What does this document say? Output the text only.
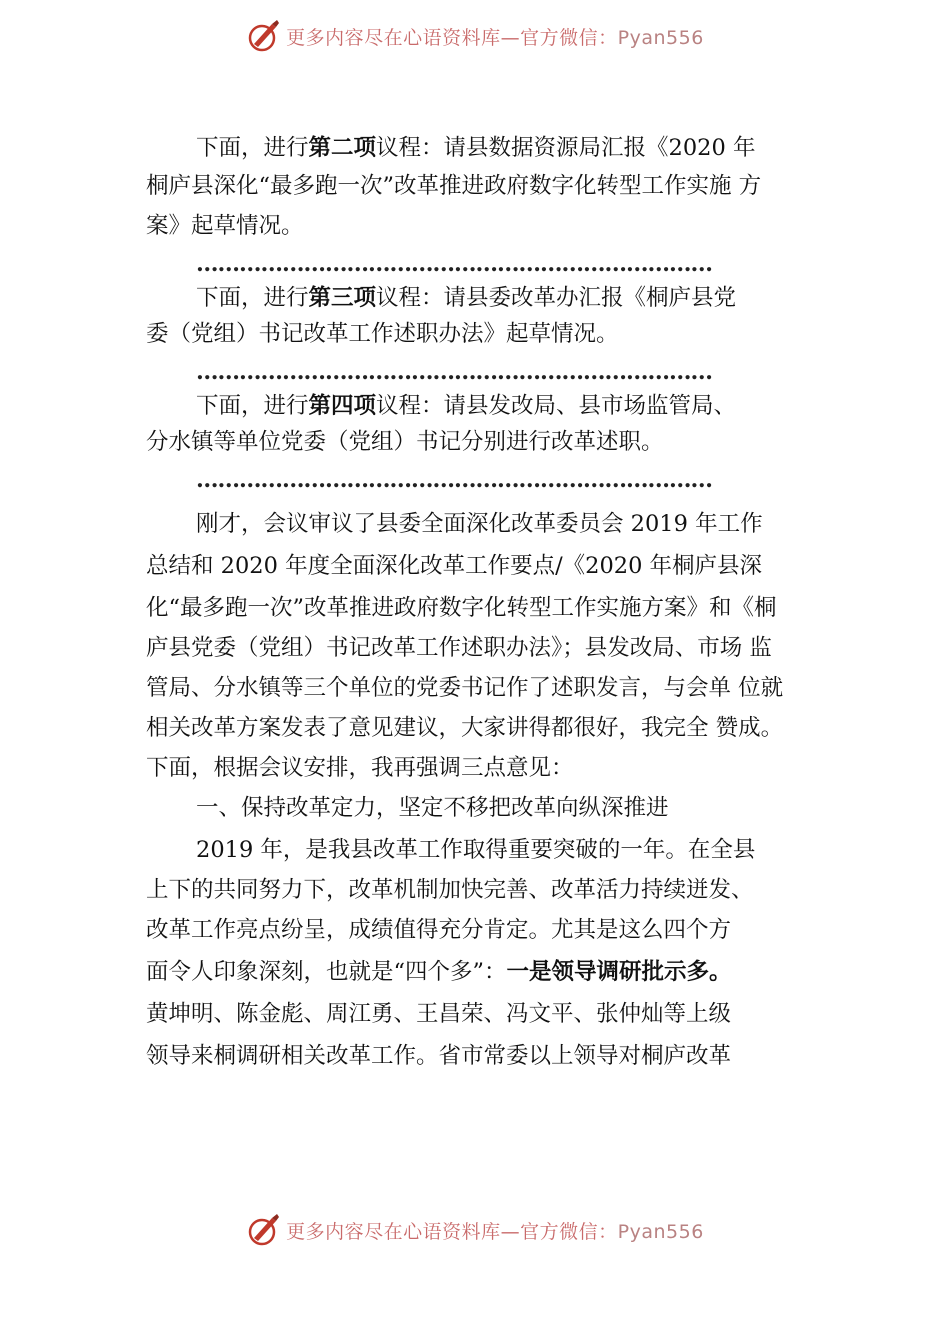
更多内容尽在心语资料库—官方微信：Pyan556
下面，进行第二项议程：请县数据资源局汇报《2020 年
桐庐县深化“最多跑一次”改革推进政府数字化转型工作实施 方
案》起草情况。
………………………………………………………………
下面，进行第三项议程：请县委改革办汇报《桐庐县党
委（党组）书记改革工作述职办法》起草情况。
………………………………………………………………
下面，进行第四项议程：请县发改局、县市场监管局、
分水镇等单位党委（党组）书记分别进行改革述职。
………………………………………………………………
刚才，会议审议了县委全面深化改革委员会 2019 年工作
总结和 2020 年度全面深化改革工作要点/《2020 年桐庐县深
化“最多跑一次”改革推进政府数字化转型工作实施方案》和《桐
庐县党委（党组）书记改革工作述职办法》；县发改局、市场 监
管局、分水镇等三个单位的党委书记作了述职发言，与会单 位就
相关改革方案发表了意见建议，大家讲得都很好，我完全 赞成。
下面，根据会议安排，我再强调三点意见：
一、保持改革定力，坚定不移把改革向纵深推进
2019 年，是我县改革工作取得重要突破的一年。在全县
上下的共同努力下，改革机制加快完善、改革活力持续迸发、
改革工作亮点纷呈，成绩值得充分肯定。尤其是这么四个方
面令人印象深刻，也就是“四个多”：一是领导调研批示多。
黄坤明、陈金彪、周江勇、王昌荣、冯文平、张仲灿等上级
领导来桐调研相关改革工作。省市常委以上领导对桐庐改革
更多内容尽在心语资料库—官方微信：Pyan556
